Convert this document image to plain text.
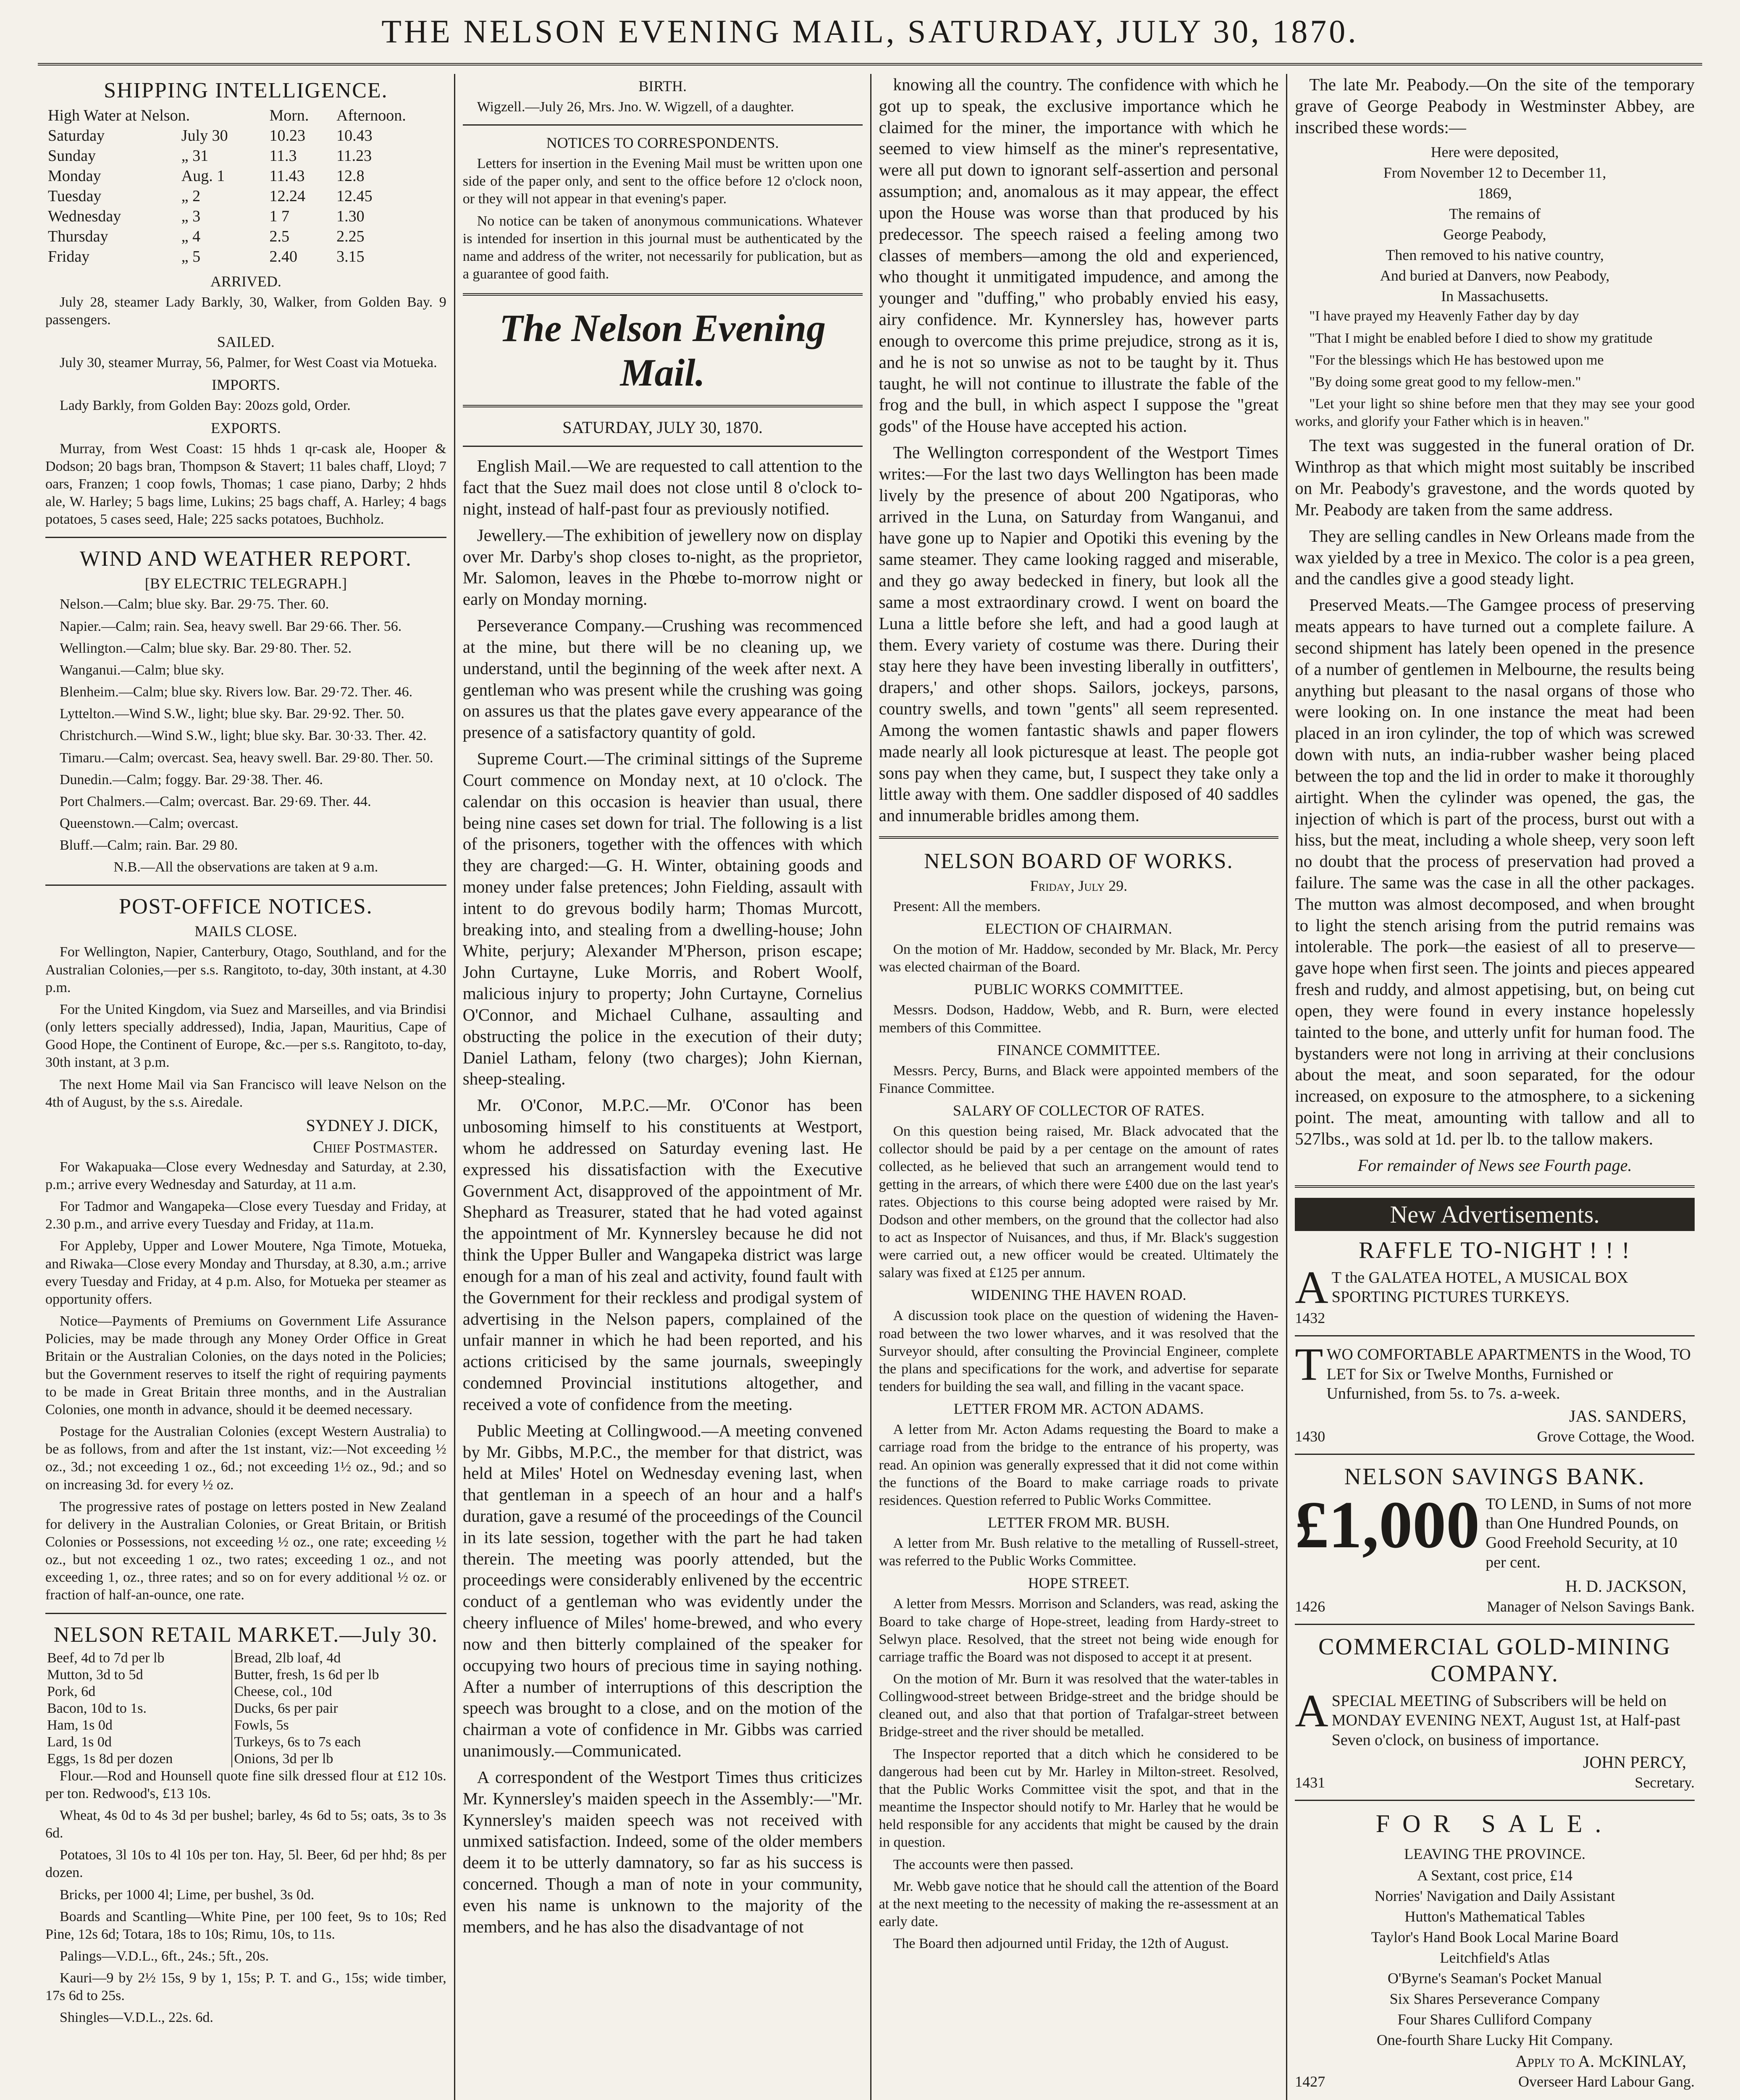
THE NELSON EVENING MAIL, SATURDAY, JULY 30, 1870.
SHIPPING INTELLIGENCE.
High Water at Nelson.		Morn.	Afternoon.
Saturday	July 30	10.23	10.43
Sunday	„ 31	11.3	11.23
Monday	Aug. 1	11.43	12.8
Tuesday	„ 2	12.24	12.45
Wednesday	„ 3	1 7	1.30
Thursday	„ 4	2.5	2.25
Friday	„ 5	2.40	3.15
ARRIVED.

July 28, steamer Lady Barkly, 30, Walker, from Golden Bay. 9 passengers.

SAILED.

July 30, steamer Murray, 56, Palmer, for West Coast via Motueka.

IMPORTS.

Lady Barkly, from Golden Bay: 20ozs gold, Order.

EXPORTS.

Murray, from West Coast: 15 hhds 1 qr-cask ale, Hooper & Dodson; 20 bags bran, Thompson & Stavert; 11 bales chaff, Lloyd; 7 oars, Franzen; 1 coop fowls, Thomas; 1 case piano, Darby; 2 hhds ale, W. Harley; 5 bags lime, Lukins; 25 bags chaff, A. Harley; 4 bags potatoes, 5 cases seed, Hale; 225 sacks potatoes, Buchholz.

WIND AND WEATHER REPORT.
[BY ELECTRIC TELEGRAPH.]

Nelson.—Calm; blue sky. Bar. 29·75. Ther. 60.

Napier.—Calm; rain. Sea, heavy swell. Bar 29·66. Ther. 56.

Wellington.—Calm; blue sky. Bar. 29·80. Ther. 52.

Wanganui.—Calm; blue sky.

Blenheim.—Calm; blue sky. Rivers low. Bar. 29·72. Ther. 46.

Lyttelton.—Wind S.W., light; blue sky. Bar. 29·92. Ther. 50.

Christchurch.—Wind S.W., light; blue sky. Bar. 30·33. Ther. 42.

Timaru.—Calm; overcast. Sea, heavy swell. Bar. 29·80. Ther. 50.

Dunedin.—Calm; foggy. Bar. 29·38. Ther. 46.

Port Chalmers.—Calm; overcast. Bar. 29·69. Ther. 44.

Queenstown.—Calm; overcast.

Bluff.—Calm; rain. Bar. 29 80.

N.B.—All the observations are taken at 9 a.m.

POST-OFFICE NOTICES.
MAILS CLOSE.

For Wellington, Napier, Canterbury, Otago, Southland, and for the Australian Colonies,—per s.s. Rangitoto, to-day, 30th instant, at 4.30 p.m.

For the United Kingdom, via Suez and Marseilles, and via Brindisi (only letters specially addressed), India, Japan, Mauritius, Cape of Good Hope, the Continent of Europe, &c.—per s.s. Rangitoto, to-day, 30th instant, at 3 p.m.

The next Home Mail via San Francisco will leave Nelson on the 4th of August, by the s.s. Airedale.

SYDNEY J. DICK,
Chief Postmaster.

For Wakapuaka—Close every Wednesday and Saturday, at 2.30, p.m.; arrive every Wednesday and Saturday, at 11 a.m.

For Tadmor and Wangapeka—Close every Tuesday and Friday, at 2.30 p.m., and arrive every Tuesday and Friday, at 11a.m.

For Appleby, Upper and Lower Moutere, Nga Timote, Motueka, and Riwaka—Close every Monday and Thursday, at 8.30, a.m.; arrive every Tuesday and Friday, at 4 p.m. Also, for Motueka per steamer as opportunity offers.

Notice—Payments of Premiums on Government Life Assurance Policies, may be made through any Money Order Office in Great Britain or the Australian Colonies, on the days noted in the Policies; but the Government reserves to itself the right of requiring payments to be made in Great Britain three months, and in the Australian Colonies, one month in advance, should it be deemed necessary.

Postage for the Australian Colonies (except Western Australia) to be as follows, from and after the 1st instant, viz:—Not exceeding ½ oz., 3d.; not exceeding 1 oz., 6d.; not exceeding 1½ oz., 9d.; and so on increasing 3d. for every ½ oz.

The progressive rates of postage on letters posted in New Zealand for delivery in the Australian Colonies, or Great Britain, or British Colonies or Possessions, not exceeding ½ oz., one rate; exceeding ½ oz., but not exceeding 1 oz., two rates; exceeding 1 oz., and not exceeding 1, oz., three rates; and so on for every additional ½ oz. or fraction of half-an-ounce, one rate.

NELSON RETAIL MARKET.—July 30.
Beef, 4d to 7d per lb	Bread, 2lb loaf, 4d
Mutton, 3d to 5d	Butter, fresh, 1s 6d per lb
Pork, 6d	Cheese, col., 10d
Bacon, 10d to 1s.	Ducks, 6s per pair
Ham, 1s 0d	Fowls, 5s
Lard, 1s 0d	Turkeys, 6s to 7s each
Eggs, 1s 8d per dozen	Onions, 3d per lb

Flour.—Rod and Hounsell quote fine silk dressed flour at £12 10s. per ton. Redwood's, £13 10s.

Wheat, 4s 0d to 4s 3d per bushel; barley, 4s 6d to 5s; oats, 3s to 3s 6d.

Potatoes, 3l 10s to 4l 10s per ton. Hay, 5l. Beer, 6d per hhd; 8s per dozen.

Bricks, per 1000 4l; Lime, per bushel, 3s 0d.

Boards and Scantling—White Pine, per 100 feet, 9s to 10s; Red Pine, 12s 6d; Totara, 18s to 10s; Rimu, 10s, to 11s.

Palings—V.D.L., 6ft., 24s.; 5ft., 20s.

Kauri—9 by 2½ 15s, 9 by 1, 15s; P. T. and G., 15s; wide timber, 17s 6d to 25s.

Shingles—V.D.L., 22s. 6d.

BIRTH.

Wigzell.—July 26, Mrs. Jno. W. Wigzell, of a daughter.

NOTICES TO CORRESPONDENTS.

Letters for insertion in the Evening Mail must be written upon one side of the paper only, and sent to the office before 12 o'clock noon, or they will not appear in that evening's paper.

No notice can be taken of anonymous communications. Whatever is intended for insertion in this journal must be authenticated by the name and address of the writer, not necessarily for publication, but as a guarantee of good faith.

The Nelson Evening Mail.
SATURDAY, JULY 30, 1870.

English Mail.—We are requested to call attention to the fact that the Suez mail does not close until 8 o'clock to-night, instead of half-past four as previously notified.

Jewellery.—The exhibition of jewellery now on display over Mr. Darby's shop closes to-night, as the proprietor, Mr. Salomon, leaves in the Phœbe to-morrow night or early on Monday morning.

Perseverance Company.—Crushing was recommenced at the mine, but there will be no cleaning up, we understand, until the beginning of the week after next. A gentleman who was present while the crushing was going on assures us that the plates gave every appearance of the presence of a satisfactory quantity of gold.

Supreme Court.—The criminal sittings of the Supreme Court commence on Monday next, at 10 o'clock. The calendar on this occasion is heavier than usual, there being nine cases set down for trial. The following is a list of the prisoners, together with the offences with which they are charged:—G. H. Winter, obtaining goods and money under false pretences; John Fielding, assault with intent to do grevous bodily harm; Thomas Murcott, breaking into, and stealing from a dwelling-house; John White, perjury; Alexander M'Pherson, prison escape; John Curtayne, Luke Morris, and Robert Woolf, malicious injury to property; John Curtayne, Cornelius O'Connor, and Michael Culhane, assaulting and obstructing the police in the execution of their duty; Daniel Latham, felony (two charges); John Kiernan, sheep-stealing.

Mr. O'Conor, M.P.C.—Mr. O'Conor has been unbosoming himself to his constituents at Westport, whom he addressed on Saturday evening last. He expressed his dissatisfaction with the Executive Government Act, disapproved of the appointment of Mr. Shephard as Treasurer, stated that he had voted against the appointment of Mr. Kynnersley because he did not think the Upper Buller and Wangapeka district was large enough for a man of his zeal and activity, found fault with the Government for their reckless and prodigal system of advertising in the Nelson papers, complained of the unfair manner in which he had been reported, and his actions criticised by the same journals, sweepingly condemned Provincial institutions altogether, and received a vote of confidence from the meeting.

Public Meeting at Collingwood.—A meeting convened by Mr. Gibbs, M.P.C., the member for that district, was held at Miles' Hotel on Wednesday evening last, when that gentleman in a speech of an hour and a half's duration, gave a resumé of the proceedings of the Council in its late session, together with the part he had taken therein. The meeting was poorly attended, but the proceedings were considerably enlivened by the eccentric conduct of a gentleman who was evidently under the cheery influence of Miles' home-brewed, and who every now and then bitterly complained of the speaker for occupying two hours of precious time in saying nothing. After a number of interruptions of this description the speech was brought to a close, and on the motion of the chairman a vote of confidence in Mr. Gibbs was carried unanimously.—Communicated.

A correspondent of the Westport Times thus criticizes Mr. Kynnersley's maiden speech in the Assembly:—"Mr. Kynnersley's maiden speech was not received with unmixed satisfaction. Indeed, some of the older members deem it to be utterly damnatory, so far as his success is concerned. Though a man of note in your community, even his name is unknown to the majority of the members, and he has also the disadvantage of not

knowing all the country. The confidence with which he got up to speak, the exclusive importance which he claimed for the miner, the importance with which he seemed to view himself as the miner's representative, were all put down to ignorant self-assertion and personal assumption; and, anomalous as it may appear, the effect upon the House was worse than that produced by his predecessor. The speech raised a feeling among two classes of members—among the old and experienced, who thought it unmitigated impudence, and among the younger and "duffing," who probably envied his easy, airy confidence. Mr. Kynnersley has, however parts enough to overcome this prime prejudice, strong as it is, and he is not so unwise as not to be taught by it. Thus taught, he will not continue to illustrate the fable of the frog and the bull, in which aspect I suppose the "great gods" of the House have accepted his action.

The Wellington correspondent of the Westport Times writes:—For the last two days Wellington has been made lively by the presence of about 200 Ngatiporas, who arrived in the Luna, on Saturday from Wanganui, and have gone up to Napier and Opotiki this evening by the same steamer. They came looking ragged and miserable, and they go away bedecked in finery, but look all the same a most extraordinary crowd. I went on board the Luna a little before she left, and had a good laugh at them. Every variety of costume was there. During their stay here they have been investing liberally in outfitters', drapers,' and other shops. Sailors, jockeys, parsons, country swells, and town "gents" all seem represented. Among the women fantastic shawls and paper flowers made nearly all look picturesque at least. The people got sons pay when they came, but, I suspect they take only a little away with them. One saddler disposed of 40 saddles and innumerable bridles among them.

NELSON BOARD OF WORKS.
Friday, July 29.

Present: All the members.

ELECTION OF CHAIRMAN.

On the motion of Mr. Haddow, seconded by Mr. Black, Mr. Percy was elected chairman of the Board.

PUBLIC WORKS COMMITTEE.

Messrs. Dodson, Haddow, Webb, and R. Burn, were elected members of this Committee.

FINANCE COMMITTEE.

Messrs. Percy, Burns, and Black were appointed members of the Finance Committee.

SALARY OF COLLECTOR OF RATES.

On this question being raised, Mr. Black advocated that the collector should be paid by a per centage on the amount of rates collected, as he believed that such an arrangement would tend to getting in the arrears, of which there were £400 due on the last year's rates. Objections to this course being adopted were raised by Mr. Dodson and other members, on the ground that the collector had also to act as Inspector of Nuisances, and thus, if Mr. Black's suggestion were carried out, a new officer would be created. Ultimately the salary was fixed at £125 per annum.

WIDENING THE HAVEN ROAD.

A discussion took place on the question of widening the Haven-road between the two lower wharves, and it was resolved that the Surveyor should, after consulting the Provincial Engineer, complete the plans and specifications for the work, and advertise for separate tenders for building the sea wall, and filling in the vacant space.

LETTER FROM MR. ACTON ADAMS.

A letter from Mr. Acton Adams requesting the Board to make a carriage road from the bridge to the entrance of his property, was read. An opinion was generally expressed that it did not come within the functions of the Board to make carriage roads to private residences. Question referred to Public Works Committee.

LETTER FROM MR. BUSH.

A letter from Mr. Bush relative to the metalling of Russell-street, was referred to the Public Works Committee.

HOPE STREET.

A letter from Messrs. Morrison and Sclanders, was read, asking the Board to take charge of Hope-street, leading from Hardy-street to Selwyn place. Resolved, that the street not being wide enough for carriage traffic the Board was not disposed to accept it at present.

On the motion of Mr. Burn it was resolved that the water-tables in Collingwood-street between Bridge-street and the bridge should be cleaned out, and also that that portion of Trafalgar-street between Bridge-street and the river should be metalled.

The Inspector reported that a ditch which he considered to be dangerous had been cut by Mr. Harley in Milton-street. Resolved, that the Public Works Committee visit the spot, and that in the meantime the Inspector should notify to Mr. Harley that he would be held responsible for any accidents that might be caused by the drain in question.

The accounts were then passed.

Mr. Webb gave notice that he should call the attention of the Board at the next meeting to the necessity of making the re-assessment at an early date.

The Board then adjourned until Friday, the 12th of August.

The late Mr. Peabody.—On the site of the temporary grave of George Peabody in Westminster Abbey, are inscribed these words:—

Here were deposited,

From November 12 to December 11,

1869,

The remains of

George Peabody,

Then removed to his native country,

And buried at Danvers, now Peabody,

In Massachusetts.

"I have prayed my Heavenly Father day by day

"That I might be enabled before I died to show my gratitude

"For the blessings which He has bestowed upon me

"By doing some great good to my fellow-men."

"Let your light so shine before men that they may see your good works, and glorify your Father which is in heaven."

The text was suggested in the funeral oration of Dr. Winthrop as that which might most suitably be inscribed on Mr. Peabody's gravestone, and the words quoted by Mr. Peabody are taken from the same address.

They are selling candles in New Orleans made from the wax yielded by a tree in Mexico. The color is a pea green, and the candles give a good steady light.

Preserved Meats.—The Gamgee process of preserving meats appears to have turned out a complete failure. A second shipment has lately been opened in the presence of a number of gentlemen in Melbourne, the results being anything but pleasant to the nasal organs of those who were looking on. In one instance the meat had been placed in an iron cylinder, the top of which was screwed down with nuts, an india-rubber washer being placed between the top and the lid in order to make it thoroughly airtight. When the cylinder was opened, the gas, the injection of which is part of the process, burst out with a hiss, but the meat, including a whole sheep, very soon left no doubt that the process of preservation had proved a failure. The same was the case in all the other packages. The mutton was almost decomposed, and when brought to light the stench arising from the putrid remains was intolerable. The pork—the easiest of all to preserve—gave hope when first seen. The joints and pieces appeared fresh and ruddy, and almost appetising, but, on being cut open, they were found in every instance hopelessly tainted to the bone, and utterly unfit for human food. The bystanders were not long in arriving at their conclusions about the meat, and soon separated, for the odour increased, on exposure to the atmosphere, to a sickening point. The meat, amounting with tallow and all to 527lbs., was sold at 1d. per lb. to the tallow makers.

For remainder of News see Fourth page.
New Advertisements.
RAFFLE TO-NIGHT ! ! !
A T the GALATEA HOTEL, A MUSICAL BOX SPORTING PICTURES TURKEYS.
1432
T WO COMFORTABLE APARTMENTS in the Wood, TO LET for Six or Twelve Months, Furnished or Unfurnished, from 5s. to 7s. a-week.
JAS. SANDERS,
1430	Grove Cottage, the Wood.
NELSON SAVINGS BANK.
£1,000 TO LEND, in Sums of not more than One Hundred Pounds, on Good Freehold Security, at 10 per cent.
H. D. JACKSON,
1426	Manager of Nelson Savings Bank.
COMMERCIAL GOLD-MINING COMPANY.
A SPECIAL MEETING of Subscribers will be held on MONDAY EVENING NEXT, August 1st, at Half-past Seven o'clock, on business of importance.
JOHN PERCY,
1431	Secretary.
FOR SALE.
LEAVING THE PROVINCE.

A Sextant, cost price, £14

Norries' Navigation and Daily Assistant

Hutton's Mathematical Tables

Taylor's Hand Book Local Marine Board

Leitchfield's Atlas

O'Byrne's Seaman's Pocket Manual

Six Shares Perseverance Company

Four Shares Culliford Company

One-fourth Share Lucky Hit Company.

Apply to A. McKINLAY,
1427	Overseer Hard Labour Gang.
